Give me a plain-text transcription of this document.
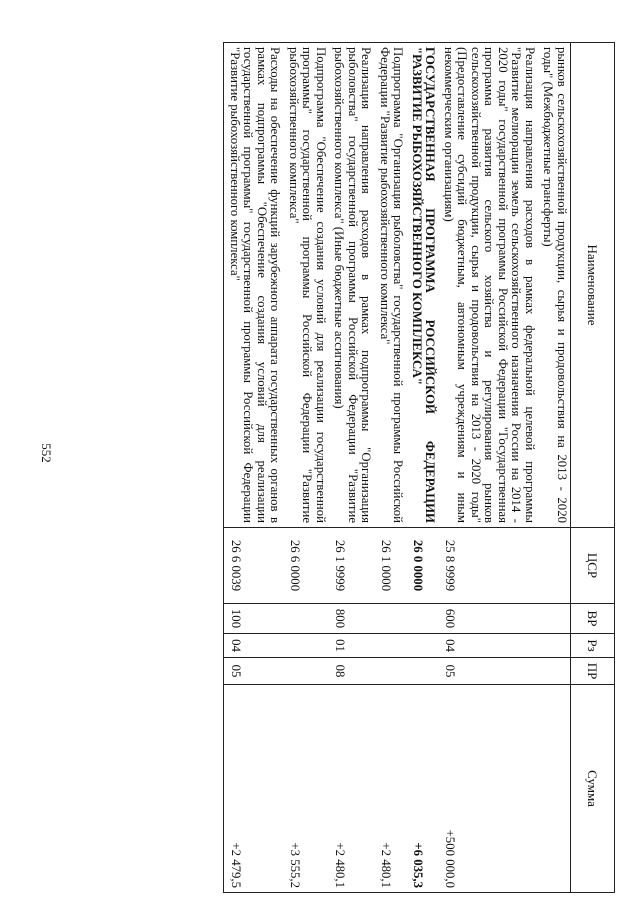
552
Наименование	ЦСР	ВР	Рз	ПР	Сумма
рынков сельскохозяйственной продукции, сырья и продовольствия на 2013 - 2020 годы" (Межбюджетные трансферты)					
Реализация направления расходов в рамках федеральной целевой программы "Развитие мелиорации земель сельскохозяйственного назначения России на 2014 - 2020 годы" государственной программы Российской Федерации "Государственная программа развития сельского хозяйства и регулирования рынков сельскохозяйственной продукции, сырья и продовольствия на 2013 - 2020 годы" (Предоставление субсидий бюджетным, автономным учреждениям и иным некоммерческим организациям)	25 8 9999	600	04	05	+500 000,0
ГОСУДАРСТВЕННАЯ ПРОГРАММА РОССИЙСКОЙ ФЕДЕРАЦИИ "РАЗВИТИЕ РЫБОХОЗЯЙСТВЕННОГО КОМПЛЕКСА"	26 0 0000				+6 035,3
Подпрограмма "Организация рыболовства" государственной программы Российской Федерации "Развитие рыбохозяйственного комплекса"	26 1 0000				+2 480,1
Реализация направления расходов в рамках подпрограммы "Организация рыболовства" государственной программы Российской Федерации "Развитие рыбохозяйственного комплекса" (Иные бюджетные ассигнования)	26 1 9999	800	01	08	+2 480,1
Подпрограмма "Обеспечение создания условий для реализации государственной программы" государственной программы Российской Федерации "Развитие рыбохозяйственного комплекса"	26 6 0000				+3 555,2
Расходы на обеспечение функций зарубежного аппарата государственных органов в рамках подпрограммы "Обеспечение создания условий для реализации государственной программы" государственной программы Российской Федерации "Развитие рыбохозяйственного комплекса"	26 6 0039	100	04	05	+2 479,5
